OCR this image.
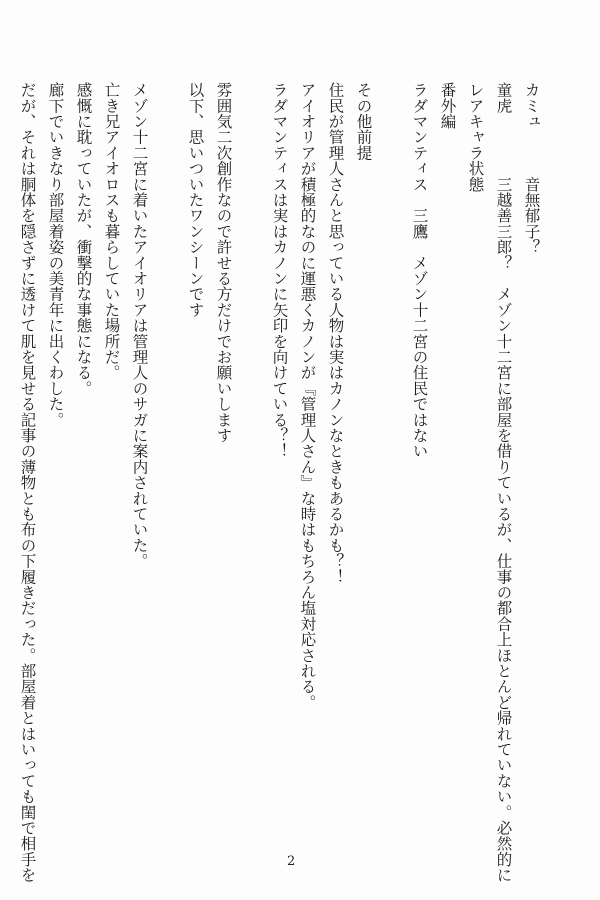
カミュ　　　音無郁子？
童虎　　　　三越善三郎？　メゾン十二宮に部屋を借りているが、仕事の都合上ほとんど帰れていない。必然的に
レアキャラ状態
番外編
ラダマンティス　三鷹　メゾン十二宮の住民ではない
その他前提
住民が管理人さんと思っている人物は実はカノンなときもあるかも？！
アイオリアが積極的なのに運悪くカノンが『管理人さん』な時はもちろん塩対応される。
ラダマンティスは実はカノンに矢印を向けている？！
雰囲気二次創作なので許せる方だけでお願いします
以下、思いついたワンシーンです
メゾン十二宮に着いたアイオリアは管理人のサガに案内されていた。
亡き兄アイオロスも暮らしていた場所だ。
感慨に耽っていたが、衝撃的な事態になる。
廊下でいきなり部屋着姿の美青年に出くわした。
だが、それは胴体を隠さずに透けて肌を見せる記事の薄物とも布の下履きだった。部屋着とはいっても閨で相手を	2
